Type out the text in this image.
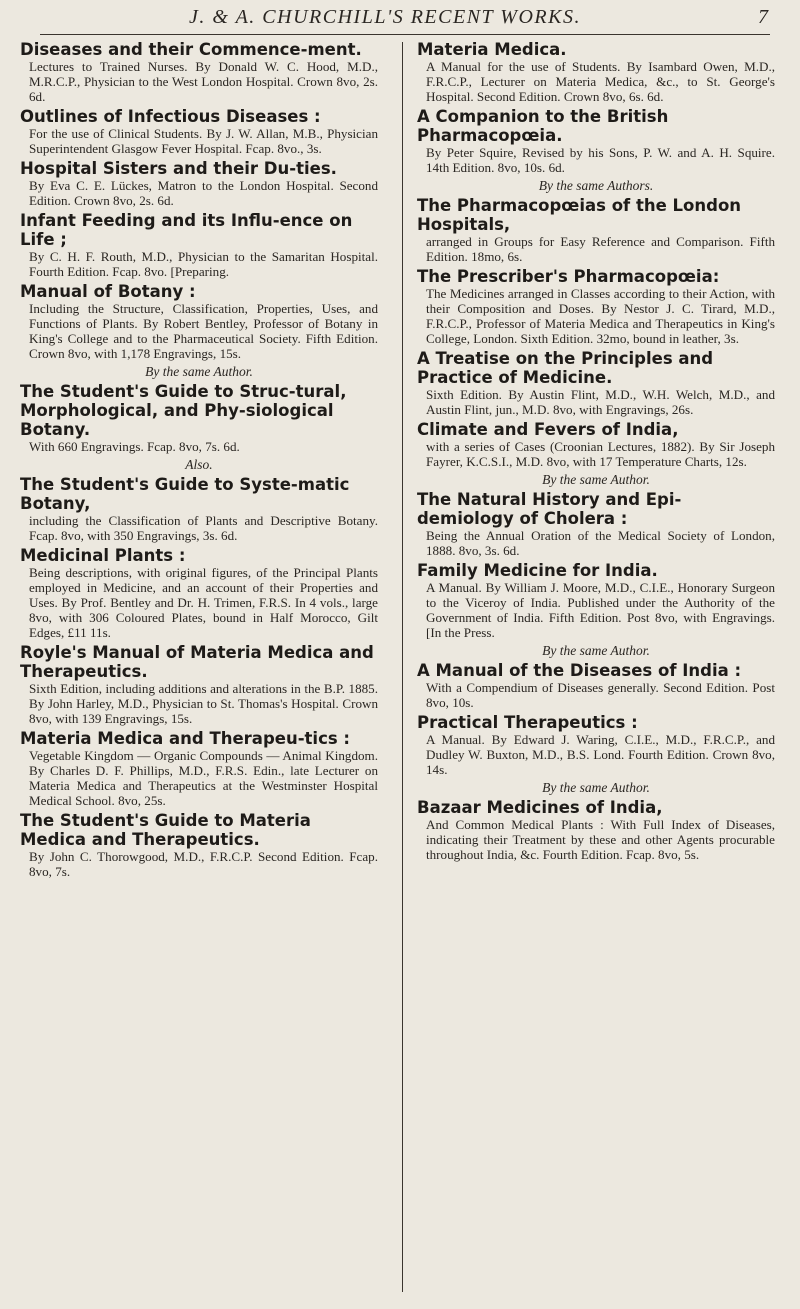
J. & A. CHURCHILL'S RECENT WORKS.	7
Diseases and their Commence-ment.
Lectures to Trained Nurses. By Donald W. C. Hood, M.D., M.R.C.P., Physician to the West London Hospital. Crown 8vo, 2s. 6d.
Outlines of Infectious Diseases :
For the use of Clinical Students. By J. W. Allan, M.B., Physician Superintendent Glasgow Fever Hospital. Fcap. 8vo., 3s.
Hospital Sisters and their Du-ties.
By Eva C. E. Lückes, Matron to the London Hospital. Second Edition. Crown 8vo, 2s. 6d.
Infant Feeding and its Influ-ence on Life ;
By C. H. F. Routh, M.D., Physician to the Samaritan Hospital. Fourth Edition. Fcap. 8vo. [Preparing.
Manual of Botany :
Including the Structure, Classification, Properties, Uses, and Functions of Plants. By Robert Bentley, Professor of Botany in King's College and to the Pharmaceutical Society. Fifth Edition. Crown 8vo, with 1,178 Engravings, 15s.
By the same Author.
The Student's Guide to Struc-tural, Morphological, and Phy-siological Botany.
With 660 Engravings. Fcap. 8vo, 7s. 6d.
Also.
The Student's Guide to Syste-matic Botany,
including the Classification of Plants and Descriptive Botany. Fcap. 8vo, with 350 Engravings, 3s. 6d.
Medicinal Plants :
Being descriptions, with original figures, of the Principal Plants employed in Medicine, and an account of their Properties and Uses. By Prof. Bentley and Dr. H. Trimen, F.R.S. In 4 vols., large 8vo, with 306 Coloured Plates, bound in Half Morocco, Gilt Edges, £11 11s.
Royle's Manual of Materia Medica and Therapeutics.
Sixth Edition, including additions and alterations in the B.P. 1885. By John Harley, M.D., Physician to St. Thomas's Hospital. Crown 8vo, with 139 Engravings, 15s.
Materia Medica and Therapeu-tics :
Vegetable Kingdom — Organic Compounds — Animal Kingdom. By Charles D. F. Phillips, M.D., F.R.S. Edin., late Lecturer on Materia Medica and Therapeutics at the Westminster Hospital Medical School. 8vo, 25s.
The Student's Guide to Materia Medica and Therapeutics.
By John C. Thorowgood, M.D., F.R.C.P. Second Edition. Fcap. 8vo, 7s.
Materia Medica.
A Manual for the use of Students. By Isambard Owen, M.D., F.R.C.P., Lecturer on Materia Medica, &c., to St. George's Hospital. Second Edition. Crown 8vo, 6s. 6d.
A Companion to the British Pharmacopœia.
By Peter Squire, Revised by his Sons, P. W. and A. H. Squire. 14th Edition. 8vo, 10s. 6d.
By the same Authors.
The Pharmacopœias of the London Hospitals,
arranged in Groups for Easy Reference and Comparison. Fifth Edition. 18mo, 6s.
The Prescriber's Pharmacopœia:
The Medicines arranged in Classes according to their Action, with their Composition and Doses. By Nestor J. C. Tirard, M.D., F.R.C.P., Professor of Materia Medica and Therapeutics in King's College, London. Sixth Edition. 32mo, bound in leather, 3s.
A Treatise on the Principles and Practice of Medicine.
Sixth Edition. By Austin Flint, M.D., W.H. Welch, M.D., and Austin Flint, jun., M.D. 8vo, with Engravings, 26s.
Climate and Fevers of India,
with a series of Cases (Croonian Lectures, 1882). By Sir Joseph Fayrer, K.C.S.I., M.D. 8vo, with 17 Temperature Charts, 12s.
By the same Author.
The Natural History and Epi-demiology of Cholera :
Being the Annual Oration of the Medical Society of London, 1888. 8vo, 3s. 6d.
Family Medicine for India.
A Manual. By William J. Moore, M.D., C.I.E., Honorary Surgeon to the Viceroy of India. Published under the Authority of the Government of India. Fifth Edition. Post 8vo, with Engravings. [In the Press.
By the same Author.
A Manual of the Diseases of India :
With a Compendium of Diseases generally. Second Edition. Post 8vo, 10s.
Practical Therapeutics :
A Manual. By Edward J. Waring, C.I.E., M.D., F.R.C.P., and Dudley W. Buxton, M.D., B.S. Lond. Fourth Edition. Crown 8vo, 14s.
By the same Author.
Bazaar Medicines of India,
And Common Medical Plants : With Full Index of Diseases, indicating their Treatment by these and other Agents procurable throughout India, &c. Fourth Edition. Fcap. 8vo, 5s.
